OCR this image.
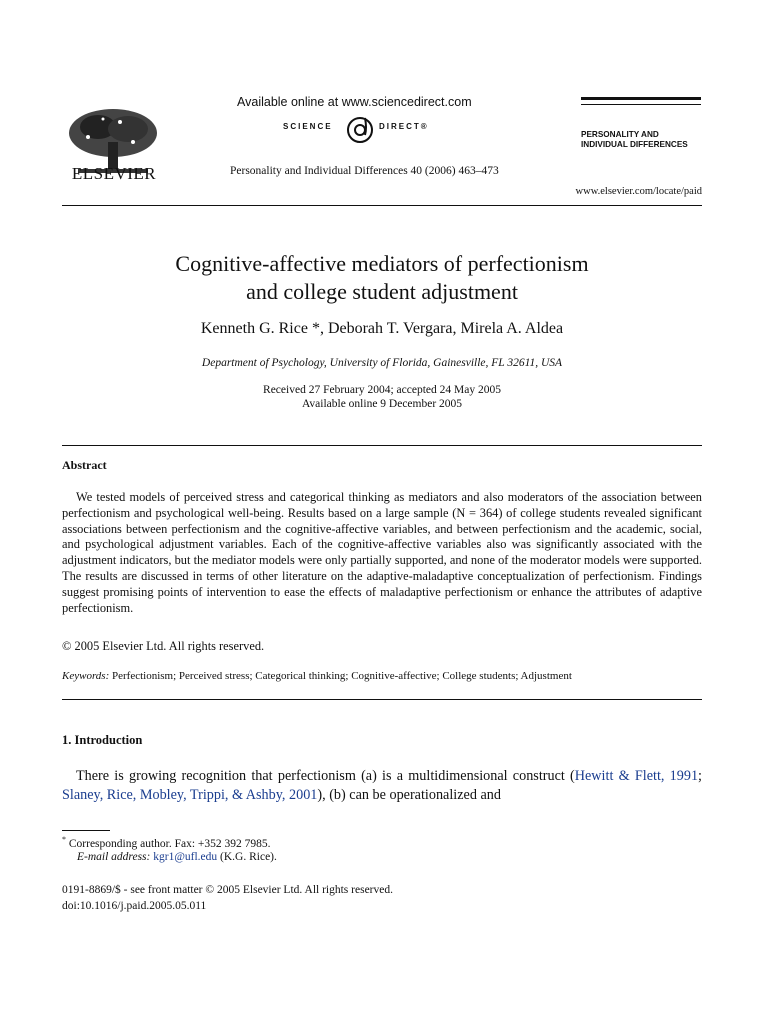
ELSEVIER
Available online at www.sciencedirect.com
SCIENCE	DIRECT®
Personality and Individual Differences 40 (2006) 463–473
PERSONALITY AND
INDIVIDUAL DIFFERENCES
www.elsevier.com/locate/paid
Cognitive-affective mediators of perfectionism
and college student adjustment
Kenneth G. Rice *, Deborah T. Vergara, Mirela A. Aldea
Department of Psychology, University of Florida, Gainesville, FL 32611, USA
Received 27 February 2004; accepted 24 May 2005
Available online 9 December 2005
Abstract

We tested models of perceived stress and categorical thinking as mediators and also moderators of the association between perfectionism and psychological well-being. Results based on a large sample (N = 364) of college students revealed significant associations between perfectionism and the cognitive-affective variables, and between perfectionism and the academic, social, and psychological adjustment variables. Each of the cognitive-affective variables also was significantly associated with the adjustment indicators, but the mediator models were only partially supported, and none of the moderator models were supported. The results are discussed in terms of other literature on the adaptive-maladaptive conceptualization of perfectionism. Findings suggest promising points of intervention to ease the effects of maladaptive perfectionism or enhance the attributes of adaptive perfectionism.

© 2005 Elsevier Ltd. All rights reserved.
Keywords: Perfectionism; Perceived stress; Categorical thinking; Cognitive-affective; College students; Adjustment
1. Introduction

There is growing recognition that perfectionism (a) is a multidimensional construct (Hewitt & Flett, 1991; Slaney, Rice, Mobley, Trippi, & Ashby, 2001), (b) can be operationalized and

* Corresponding author. Fax: +352 392 7985.
E-mail address: kgr1@ufl.edu (K.G. Rice).
0191-8869/$ - see front matter © 2005 Elsevier Ltd. All rights reserved.
doi:10.1016/j.paid.2005.05.011
